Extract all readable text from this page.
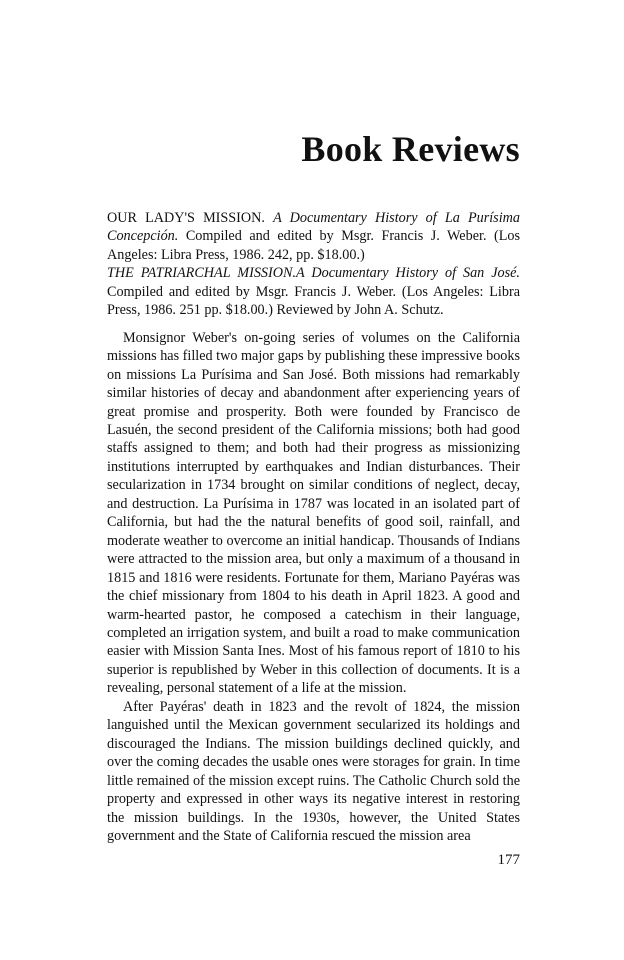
Book Reviews

OUR LADY'S MISSION. A Documentary History of La Purísima Concepción. Compiled and edited by Msgr. Francis J. Weber. (Los Angeles: Libra Press, 1986. 242, pp. $18.00.)

THE PATRIARCHAL MISSION.A Documentary History of San José. Compiled and edited by Msgr. Francis J. Weber. (Los Angeles: Libra Press, 1986. 251 pp. $18.00.) Reviewed by John A. Schutz.

Monsignor Weber's on-going series of volumes on the California missions has filled two major gaps by publishing these impressive books on missions La Purísima and San José. Both missions had remarkably similar histories of decay and abandonment after experiencing years of great promise and prosperity. Both were founded by Francisco de Lasuén, the second president of the California missions; both had good staffs assigned to them; and both had their progress as missionizing institutions interrupted by earthquakes and Indian disturbances. Their secularization in 1734 brought on similar conditions of neglect, decay, and destruction. La Purísima in 1787 was located in an isolated part of California, but had the the natural benefits of good soil, rainfall, and moderate weather to overcome an initial handicap. Thousands of Indians were attracted to the mission area, but only a maximum of a thousand in 1815 and 1816 were residents. Fortunate for them, Mariano Payéras was the chief missionary from 1804 to his death in April 1823. A good and warm-hearted pastor, he composed a catechism in their language, completed an irrigation system, and built a road to make communication easier with Mission Santa Ines. Most of his famous report of 1810 to his superior is republished by Weber in this collection of documents. It is a revealing, personal statement of a life at the mission.

After Payéras' death in 1823 and the revolt of 1824, the mission languished until the Mexican government secularized its holdings and discouraged the Indians. The mission buildings declined quickly, and over the coming decades the usable ones were storages for grain. In time little remained of the mission except ruins. The Catholic Church sold the property and expressed in other ways its negative interest in restoring the mission buildings. In the 1930s, however, the United States government and the State of California rescued the mission area

177
